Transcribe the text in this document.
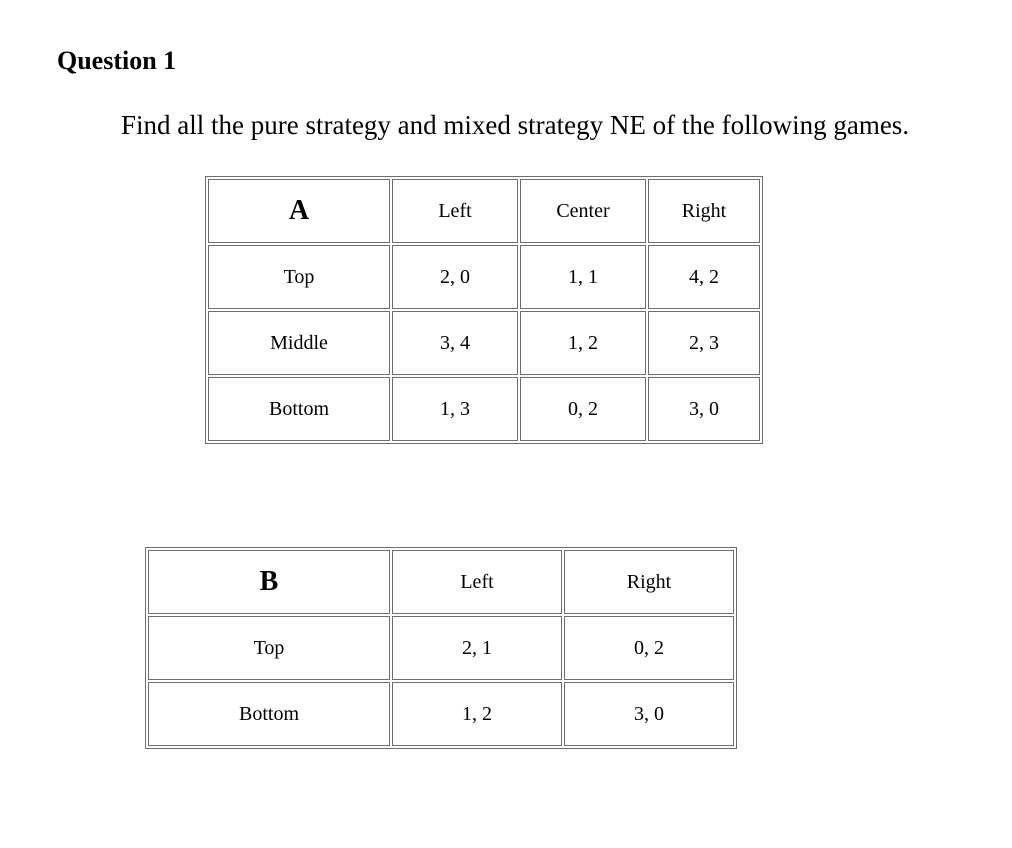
Question 1
Find all the pure strategy and mixed strategy NE of the following games.
A	Left	Center	Right
Top	2, 0	1, 1	4, 2
Middle	3, 4	1, 2	2, 3
Bottom	1, 3	0, 2	3, 0
B	Left	Right
Top	2, 1	0, 2
Bottom	1, 2	3, 0
